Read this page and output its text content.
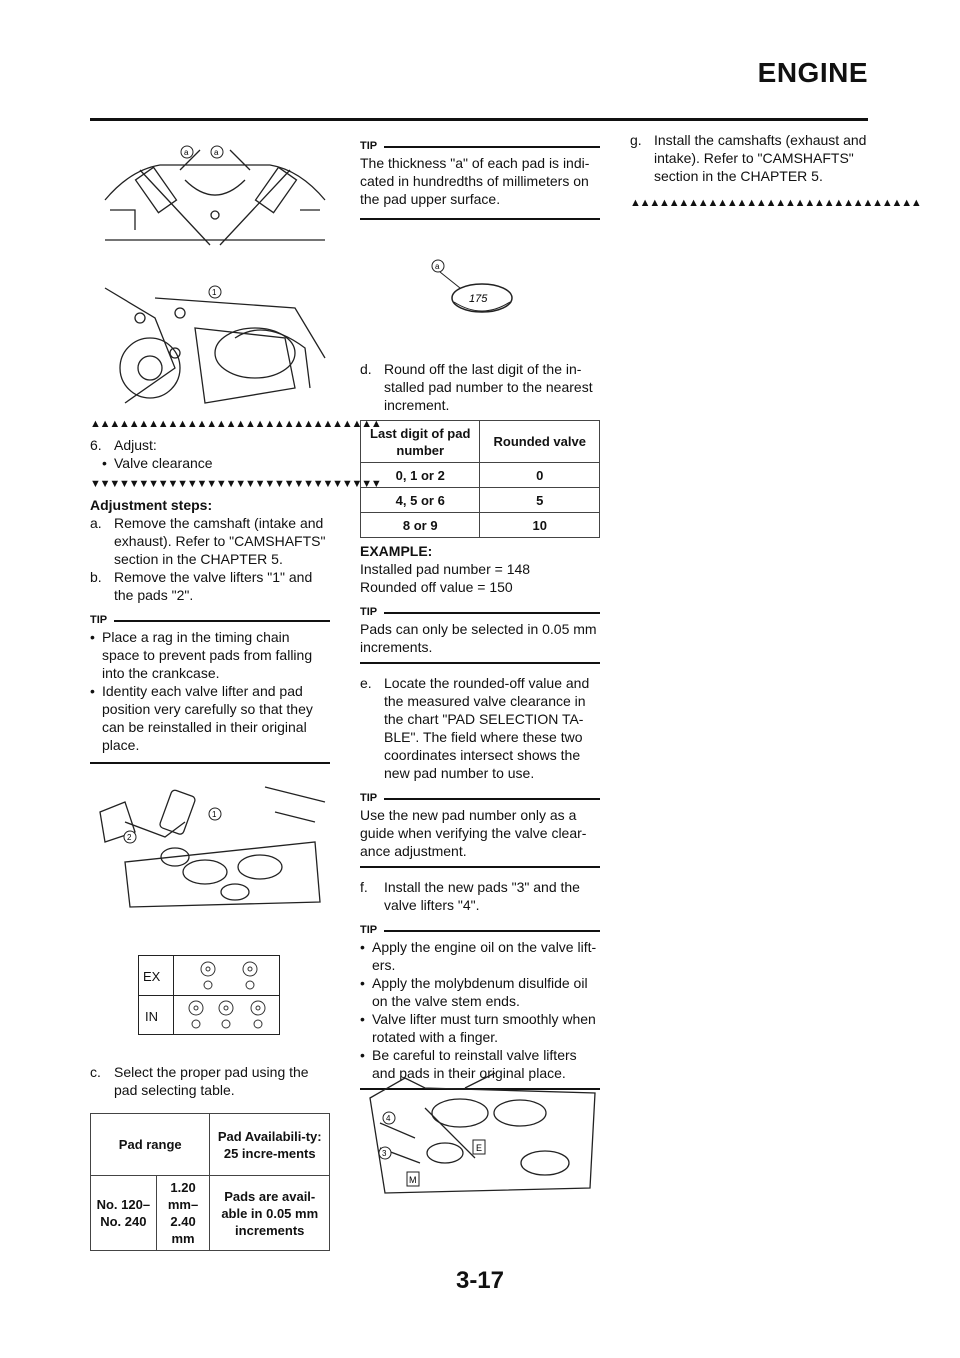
ENGINE
a	a
1
▲▲▲▲▲▲▲▲▲▲▲▲▲▲▲▲▲▲▲▲▲▲▲▲▲▲▲▲▲▲
6. Adjust:
• Valve clearance
▼▼▼▼▼▼▼▼▼▼▼▼▼▼▼▼▼▼▼▼▼▼▼▼▼▼▼▼▼▼
Adjustment steps:
a. Remove the camshaft (intake and exhaust). Refer to "CAMSHAFTS" section in the CHAPTER 5.
b. Remove the valve lifters "1" and the pads "2".
TIP
• Place a rag in the timing chain space to prevent pads from falling into the crankcase.
• Identity each valve lifter and pad position very carefully so that they can be reinstalled in their original place.
1
2
EX
IN
c. Select the proper pad using the pad selecting table.
Pad range		Pad Availabili-ty: 25 incre-ments
No. 120–No. 240	1.20 mm–2.40 mm	Pads are avail-able in 0.05 mm increments
TIP
The thickness "a" of each pad is indi-cated in hundredths of millimeters on the pad upper surface.
a
175
d. Round off the last digit of the in-stalled pad number to the nearest increment.
Last digit of pad number	Rounded valve
0, 1 or 2	0
4, 5 or 6	5
8 or 9	10
EXAMPLE:
Installed pad number = 148
Rounded off value = 150
TIP
Pads can only be selected in 0.05 mm increments.
e. Locate the rounded-off value and the measured valve clearance in the chart "PAD SELECTION TA-BLE". The field where these two coordinates intersect shows the new pad number to use.
TIP
Use the new pad number only as a guide when verifying the valve clear-ance adjustment.
f. Install the new pads "3" and the valve lifters "4".
TIP
• Apply the engine oil on the valve lift-ers.
• Apply the molybdenum disulfide oil on the valve stem ends.
• Valve lifter must turn smoothly when rotated with a finger.
• Be careful to reinstall valve lifters and pads in their original place.
4
3
E
M
g. Install the camshafts (exhaust and intake). Refer to "CAMSHAFTS" section in the CHAPTER 5.
▲▲▲▲▲▲▲▲▲▲▲▲▲▲▲▲▲▲▲▲▲▲▲▲▲▲▲▲▲▲
3-17
